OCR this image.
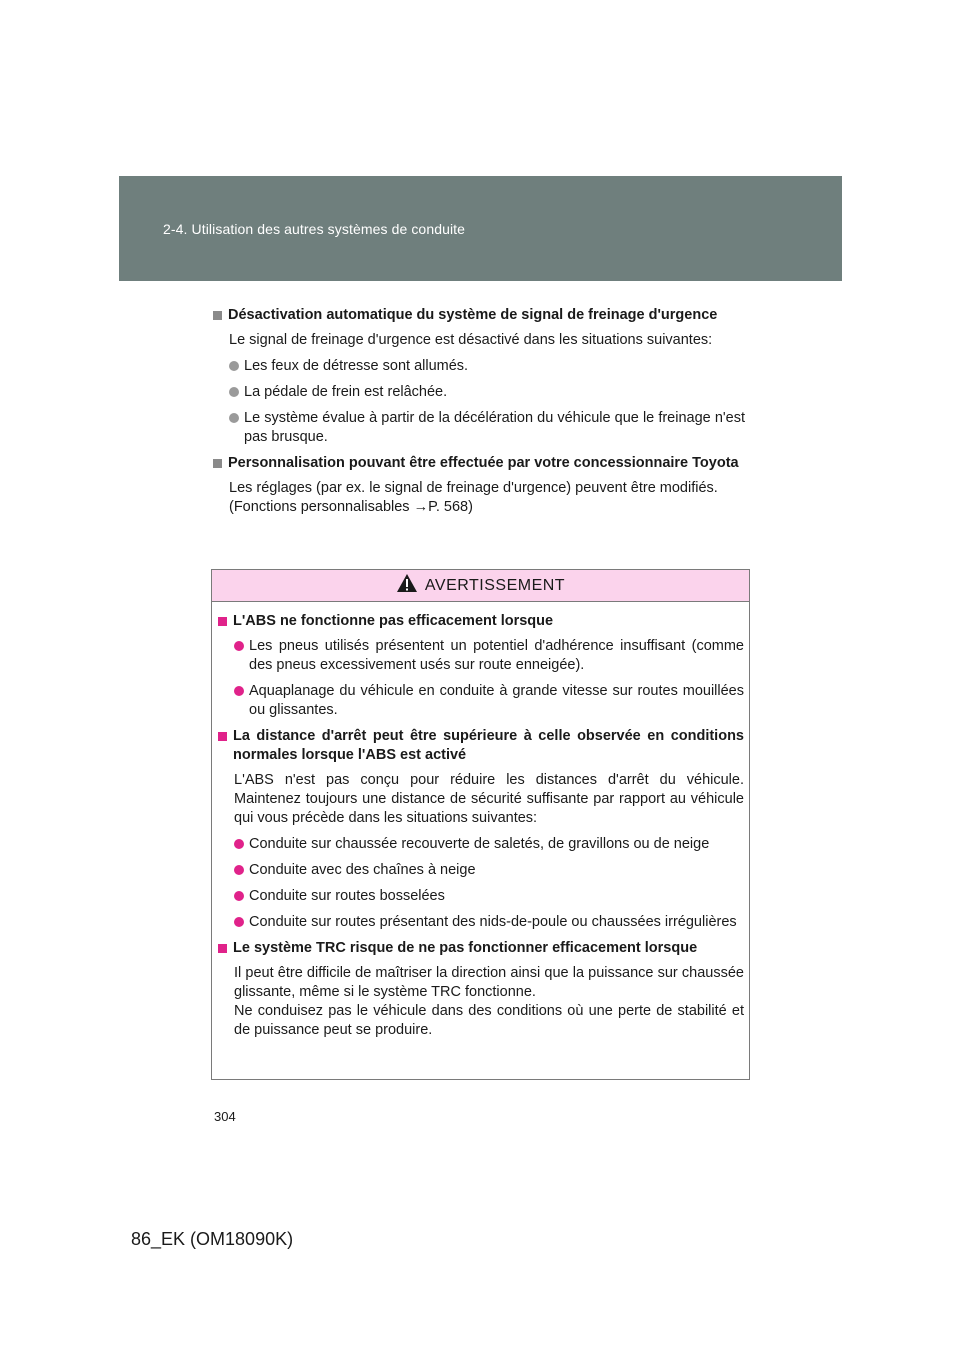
2-4. Utilisation des autres systèmes de conduite
Désactivation automatique du système de signal de freinage d'urgence
Le signal de freinage d'urgence est désactivé dans les situations suivantes:
Les feux de détresse sont allumés.
La pédale de frein est relâchée.
Le système évalue à partir de la décélération du véhicule que le freinage n'est pas brusque.
Personnalisation pouvant être effectuée par votre concessionnaire Toyota
Les réglages (par ex. le signal de freinage d'urgence) peuvent être modifiés.
(Fonctions personnalisables →P. 568)
AVERTISSEMENT
L'ABS ne fonctionne pas efficacement lorsque
Les pneus utilisés présentent un potentiel d'adhérence insuffisant (comme des pneus excessivement usés sur route enneigée).
Aquaplanage du véhicule en conduite à grande vitesse sur routes mouillées ou glissantes.
La distance d'arrêt peut être supérieure à celle observée en conditions normales lorsque l'ABS est activé
L'ABS n'est pas conçu pour réduire les distances d'arrêt du véhicule. Maintenez toujours une distance de sécurité suffisante par rapport au véhicule qui vous précède dans les situations suivantes:
Conduite sur chaussée recouverte de saletés, de gravillons ou de neige
Conduite avec des chaînes à neige
Conduite sur routes bosselées
Conduite sur routes présentant des nids-de-poule ou chaussées irrégulières
Le système TRC risque de ne pas fonctionner efficacement lorsque
Il peut être difficile de maîtriser la direction ainsi que la puissance sur chaussée glissante, même si le système TRC fonctionne.
Ne conduisez pas le véhicule dans des conditions où une perte de stabilité et de puissance peut se produire.
304
86_EK (OM18090K)
